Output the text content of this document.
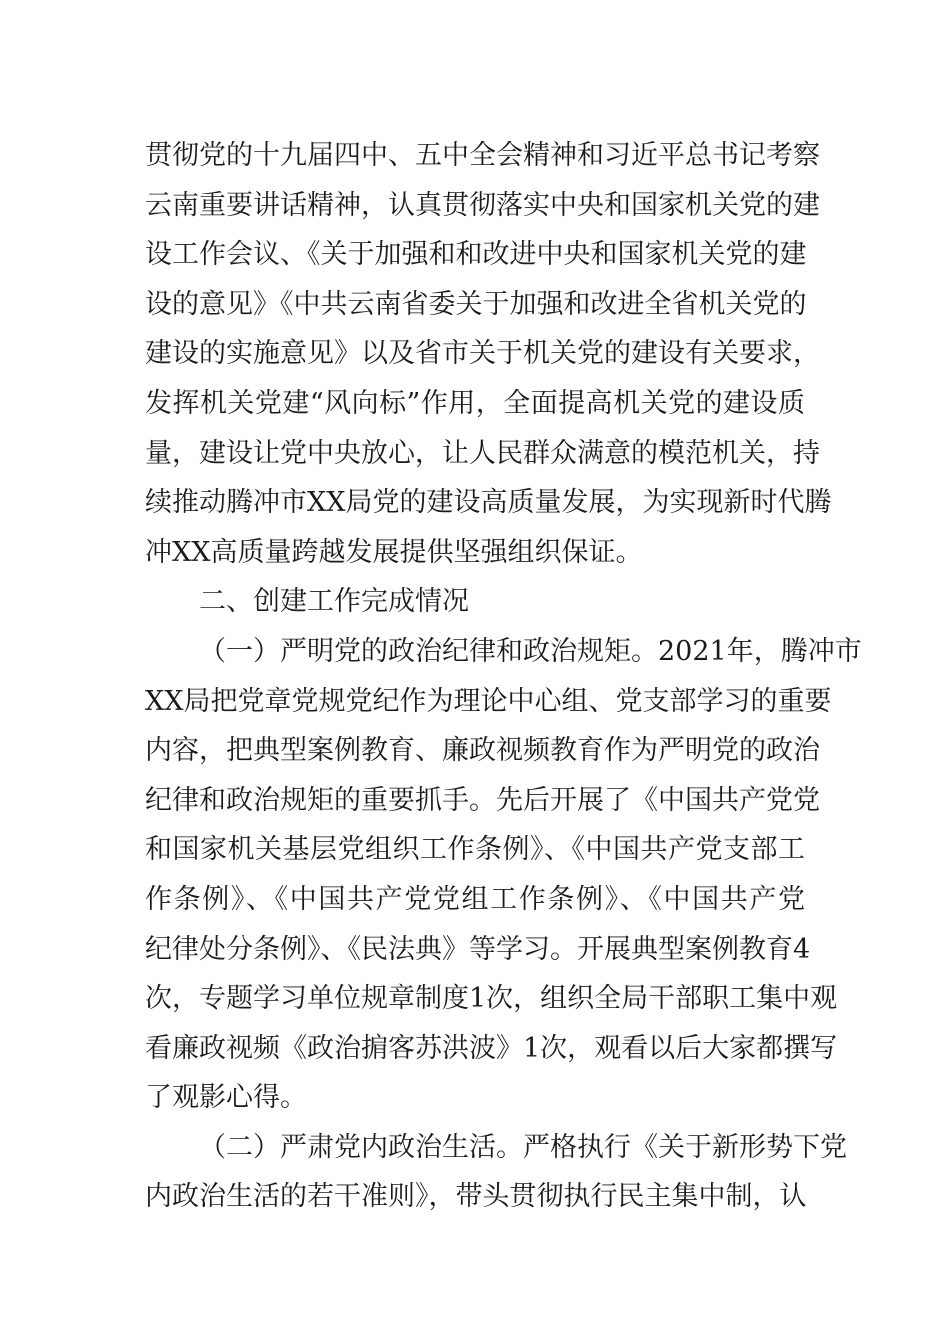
贯彻党的十九届四中、五中全会精神和习近平总书记考察
云南重要讲话精神，认真贯彻落实中央和国家机关党的建
设工作会议、《关于加强和和改进中央和国家机关党的建
设的意见》《中共云南省委关于加强和改进全省机关党的
建设的实施意见》以及省市关于机关党的建设有关要求，
发挥机关党建“风向标”作用，全面提高机关党的建设质
量，建设让党中央放心，让人民群众满意的模范机关，持
续推动腾冲市XX局党的建设高质量发展，为实现新时代腾
冲XX高质量跨越发展提供坚强组织保证。
二、创建工作完成情况
（一）严明党的政治纪律和政治规矩。2021年，腾冲市
XX局把党章党规党纪作为理论中心组、党支部学习的重要
内容，把典型案例教育、廉政视频教育作为严明党的政治
纪律和政治规矩的重要抓手。先后开展了《中国共产党党
和国家机关基层党组织工作条例》、《中国共产党支部工
作条例》、《中国共产党党组工作条例》、《中国共产党
纪律处分条例》、《民法典》等学习。开展典型案例教育4
次，专题学习单位规章制度1次，组织全局干部职工集中观
看廉政视频《政治掮客苏洪波》1次，观看以后大家都撰写
了观影心得。
（二）严肃党内政治生活。严格执行《关于新形势下党
内政治生活的若干准则》，带头贯彻执行民主集中制，认
